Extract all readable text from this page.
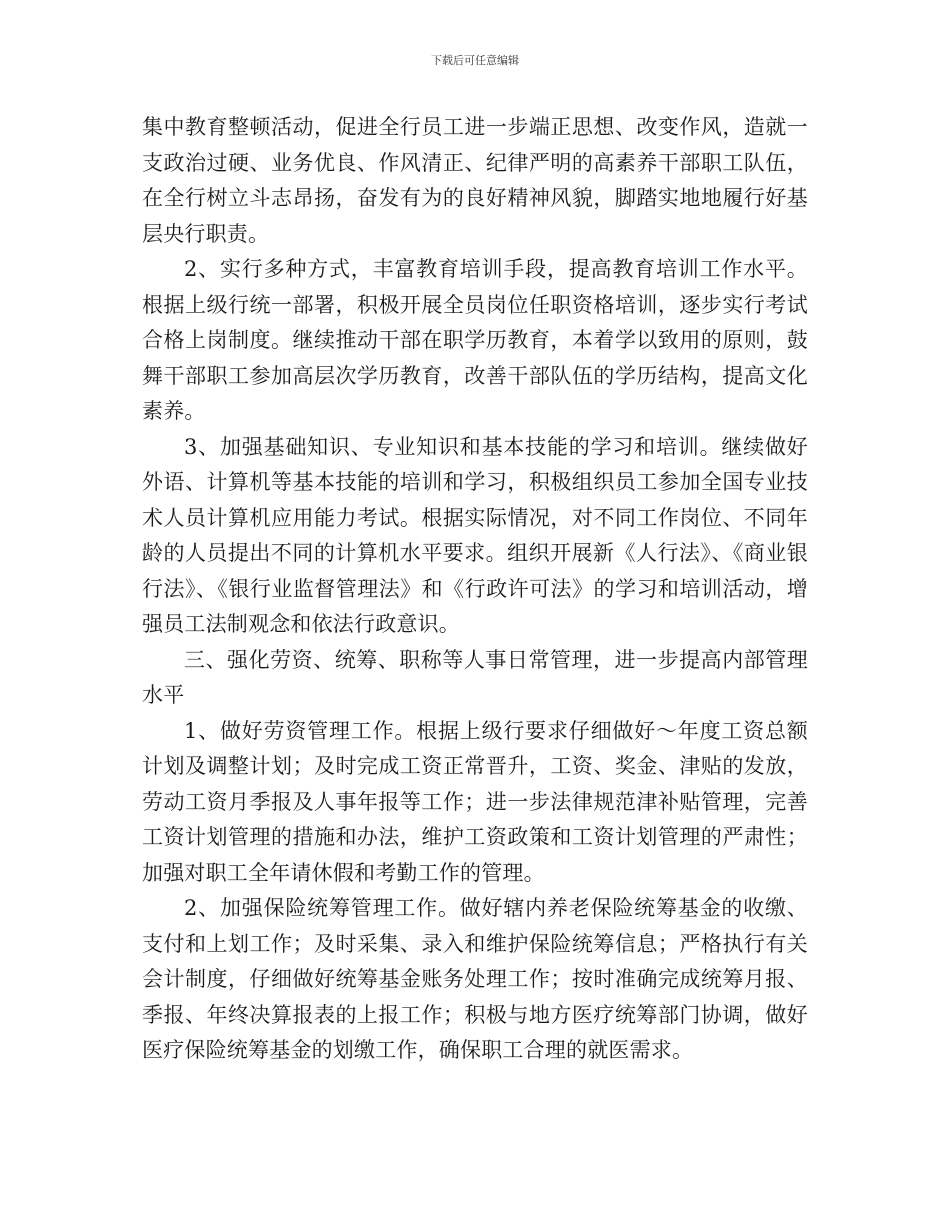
下载后可任意编辑

集中教育整顿活动，促进全行员工进一步端正思想、改变作风，造就一支政治过硬、业务优良、作风清正、纪律严明的高素养干部职工队伍，在全行树立斗志昂扬，奋发有为的良好精神风貌，脚踏实地地履行好基层央行职责。

2、实行多种方式，丰富教育培训手段，提高教育培训工作水平。根据上级行统一部署，积极开展全员岗位任职资格培训，逐步实行考试合格上岗制度。继续推动干部在职学历教育，本着学以致用的原则，鼓舞干部职工参加高层次学历教育，改善干部队伍的学历结构，提高文化素养。

3、加强基础知识、专业知识和基本技能的学习和培训。继续做好外语、计算机等基本技能的培训和学习，积极组织员工参加全国专业技术人员计算机应用能力考试。根据实际情况，对不同工作岗位、不同年龄的人员提出不同的计算机水平要求。组织开展新《人行法》、《商业银行法》、《银行业监督管理法》和《行政许可法》的学习和培训活动，增强员工法制观念和依法行政意识。

三、强化劳资、统筹、职称等人事日常管理，进一步提高内部管理水平

1、做好劳资管理工作。根据上级行要求仔细做好～年度工资总额计划及调整计划；及时完成工资正常晋升，工资、奖金、津贴的发放，劳动工资月季报及人事年报等工作；进一步法律规范津补贴管理，完善工资计划管理的措施和办法，维护工资政策和工资计划管理的严肃性；加强对职工全年请休假和考勤工作的管理。

2、加强保险统筹管理工作。做好辖内养老保险统筹基金的收缴、支付和上划工作；及时采集、录入和维护保险统筹信息；严格执行有关会计制度，仔细做好统筹基金账务处理工作；按时准确完成统筹月报、季报、年终决算报表的上报工作；积极与地方医疗统筹部门协调，做好医疗保险统筹基金的划缴工作，确保职工合理的就医需求。
